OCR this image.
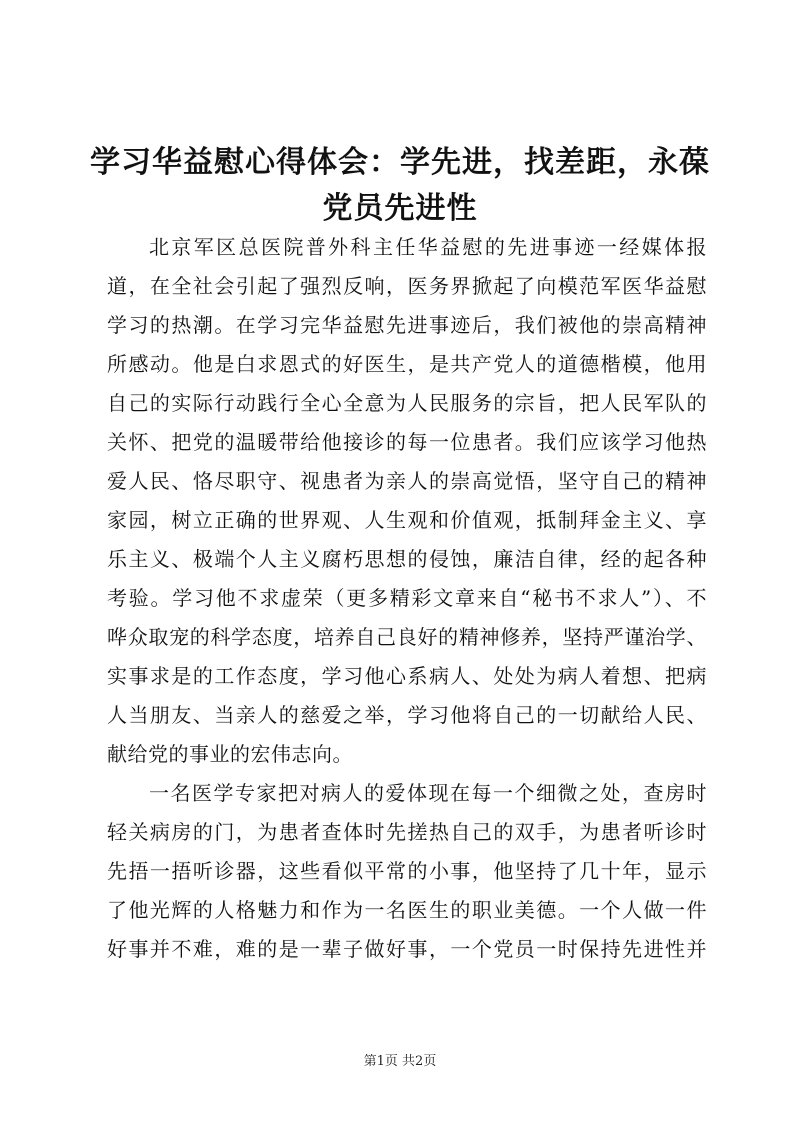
学习华益慰心得体会：学先进，找差距，永葆
党员先进性
北京军区总医院普外科主任华益慰的先进事迹一经媒体报
道，在全社会引起了强烈反响，医务界掀起了向模范军医华益慰
学习的热潮。在学习完华益慰先进事迹后，我们被他的崇高精神
所感动。他是白求恩式的好医生，是共产党人的道德楷模，他用
自己的实际行动践行全心全意为人民服务的宗旨，把人民军队的
关怀、把党的温暖带给他接诊的每一位患者。我们应该学习他热
爱人民、恪尽职守、视患者为亲人的崇高觉悟，坚守自己的精神
家园，树立正确的世界观、人生观和价值观，抵制拜金主义、享
乐主义、极端个人主义腐朽思想的侵蚀，廉洁自律，经的起各种
考验。学习他不求虚荣（更多精彩文章来自“秘书不求人”）、不
哗众取宠的科学态度，培养自己良好的精神修养，坚持严谨治学、
实事求是的工作态度，学习他心系病人、处处为病人着想、把病
人当朋友、当亲人的慈爱之举，学习他将自己的一切献给人民、
献给党的事业的宏伟志向。
一名医学专家把对病人的爱体现在每一个细微之处，查房时
轻关病房的门，为患者查体时先搓热自己的双手，为患者听诊时
先捂一捂听诊器，这些看似平常的小事，他坚持了几十年，显示
了他光辉的人格魅力和作为一名医生的职业美德。一个人做一件
好事并不难，难的是一辈子做好事，一个党员一时保持先进性并
第1页 共2页
